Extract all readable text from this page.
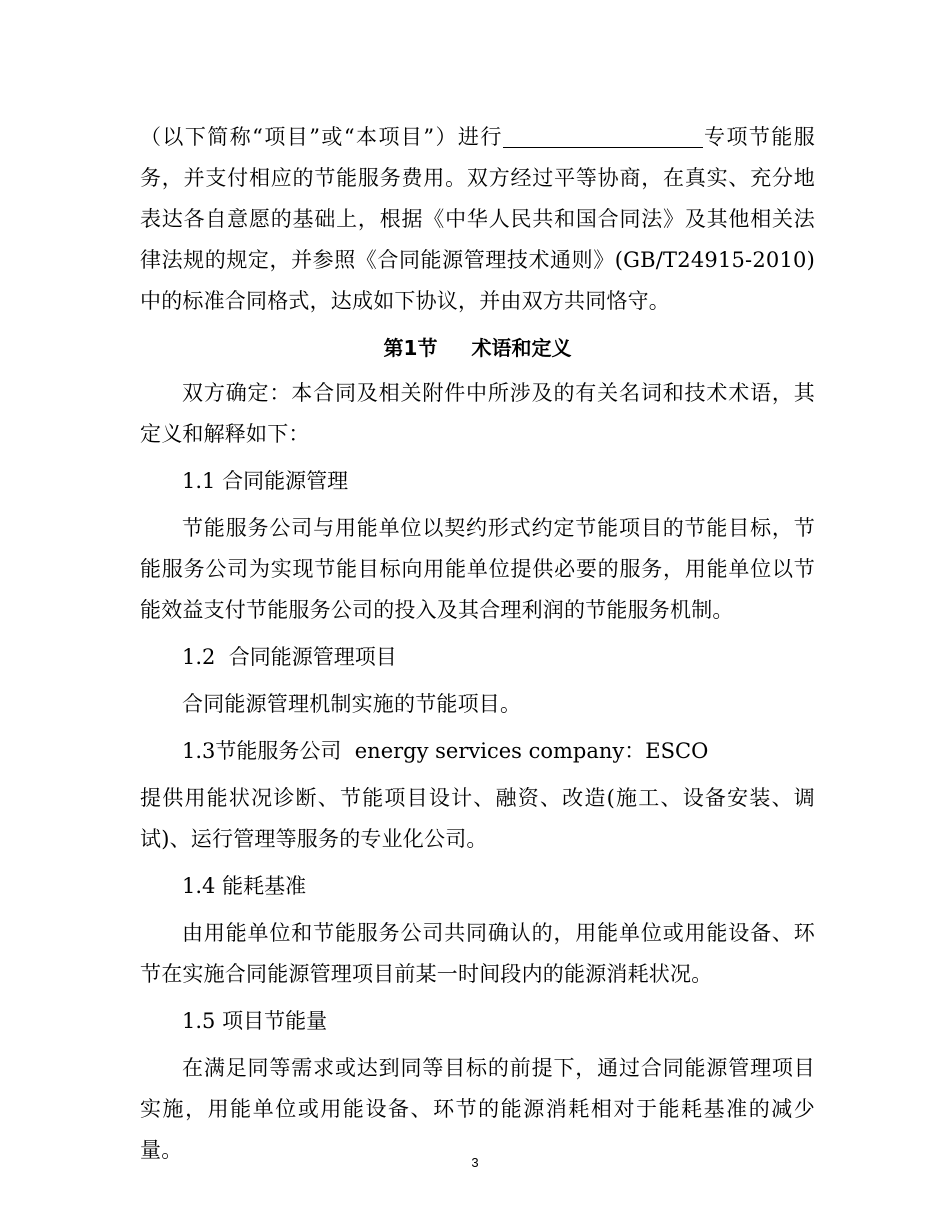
（以下简称“项目”或“本项目”）进行	专项节能服务，并支付相应的节能服务费用。双方经过平等协商，在真实、充分地表达各自意愿的基础上，根据《中华人民共和国合同法》及其他相关法律法规的规定，并参照《合同能源管理技术通则》(GB/T24915-2010)中的标准合同格式，达成如下协议，并由双方共同恪守。

第1节 术语和定义

双方确定：本合同及相关附件中所涉及的有关名词和技术术语，其定义和解释如下：

1.1 合同能源管理

节能服务公司与用能单位以契约形式约定节能项目的节能目标，节能服务公司为实现节能目标向用能单位提供必要的服务，用能单位以节能效益支付节能服务公司的投入及其合理利润的节能服务机制。

1.2  合同能源管理项目

合同能源管理机制实施的节能项目。

1.3节能服务公司  energy services company：ESCO

提供用能状况诊断、节能项目设计、融资、改造(施工、设备安装、调试)、运行管理等服务的专业化公司。

1.4 能耗基准

由用能单位和节能服务公司共同确认的，用能单位或用能设备、环节在实施合同能源管理项目前某一时间段内的能源消耗状况。

1.5 项目节能量

在满足同等需求或达到同等目标的前提下，通过合同能源管理项目实施，用能单位或用能设备、环节的能源消耗相对于能耗基准的减少量。

3
